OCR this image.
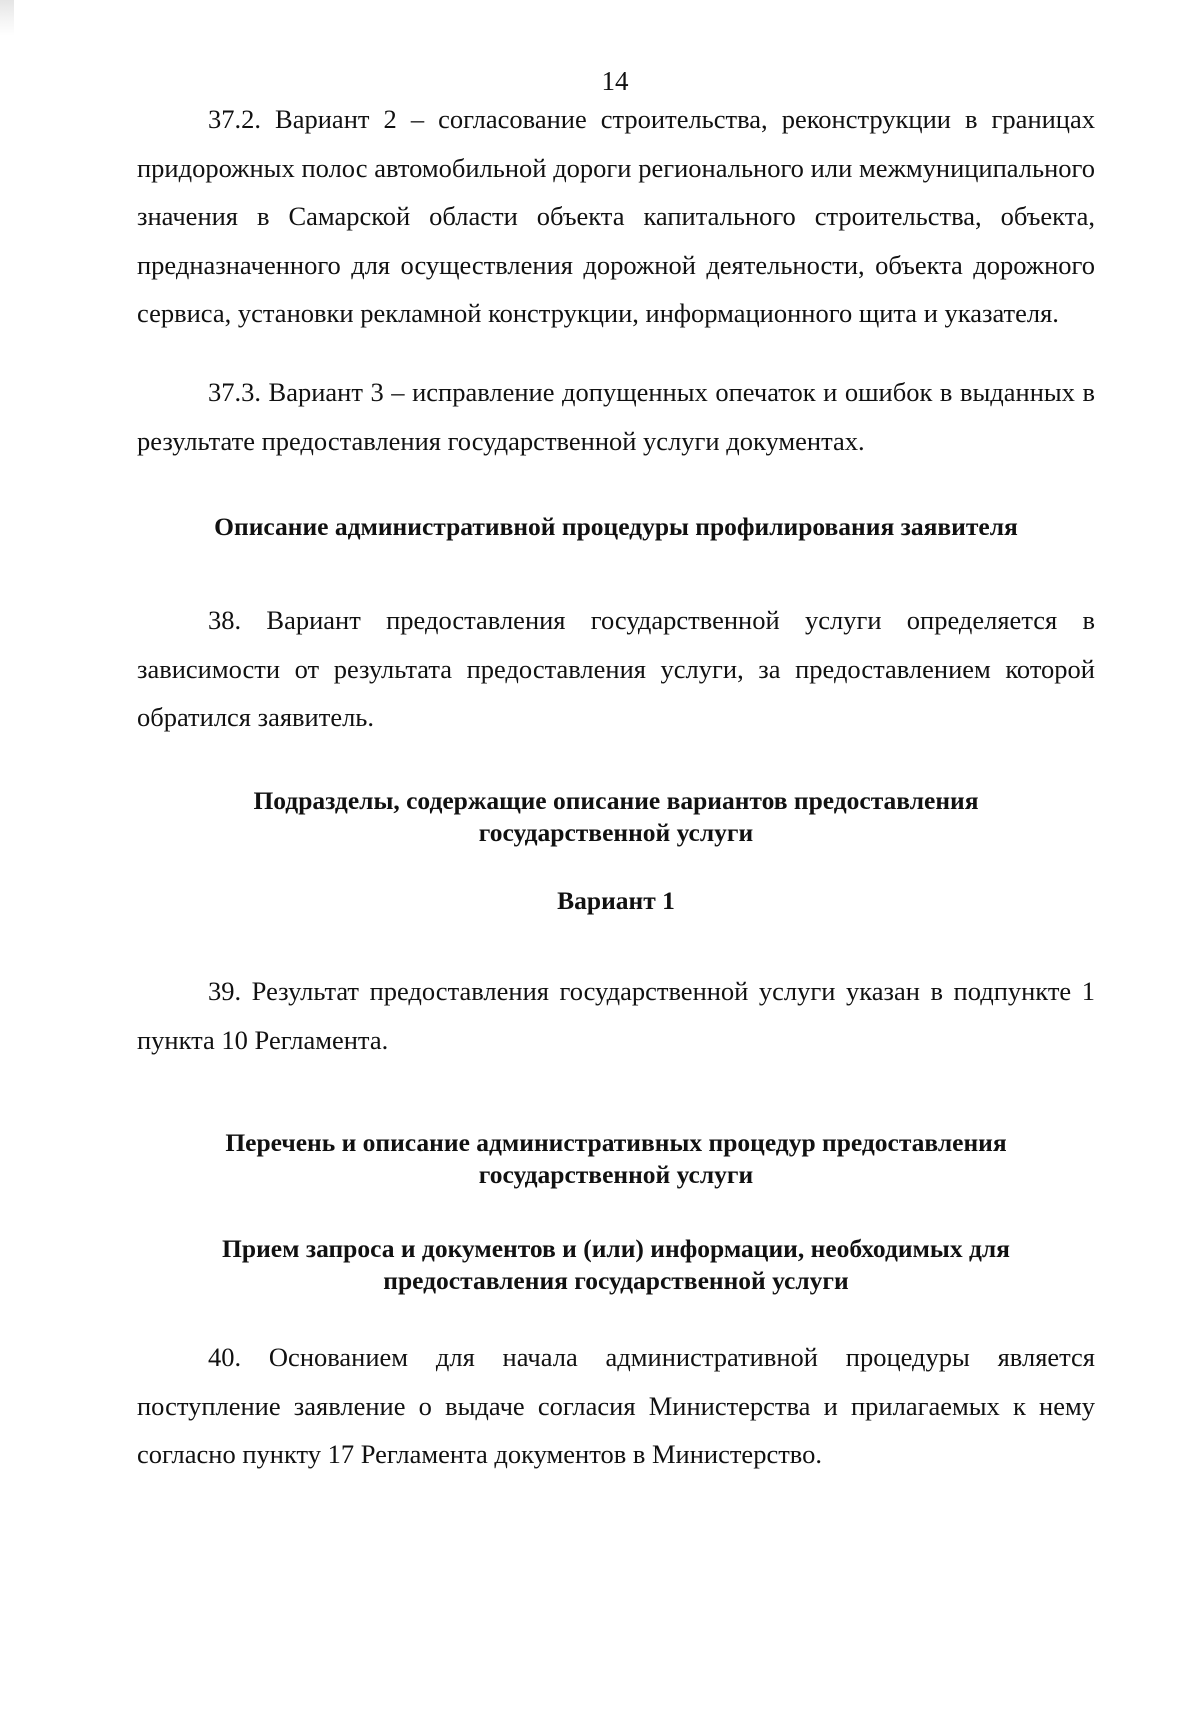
14

37.2. Вариант 2 – согласование строительства, реконструкции в границах придорожных полос автомобильной дороги регионального или межмуниципального значения в Самарской области объекта капитального строительства, объекта, предназначенного для осуществления дорожной деятельности, объекта дорожного сервиса, установки рекламной конструкции, информационного щита и указателя.

37.3. Вариант 3 – исправление допущенных опечаток и ошибок в выданных в результате предоставления государственной услуги документах.

Описание административной процедуры профилирования заявителя

38. Вариант предоставления государственной услуги определяется в зависимости от результата предоставления услуги, за предоставлением которой обратился заявитель.

Подразделы, содержащие описание вариантов предоставления
государственной услуги

Вариант 1

39. Результат предоставления государственной услуги указан в подпункте 1 пункта 10 Регламента.

Перечень и описание административных процедур предоставления
государственной услуги
Прием запроса и документов и (или) информации, необходимых для
предоставления государственной услуги

40. Основанием для начала административной процедуры является поступление заявление о выдаче согласия Министерства и прилагаемых к нему согласно пункту 17 Регламента документов в Министерство.
